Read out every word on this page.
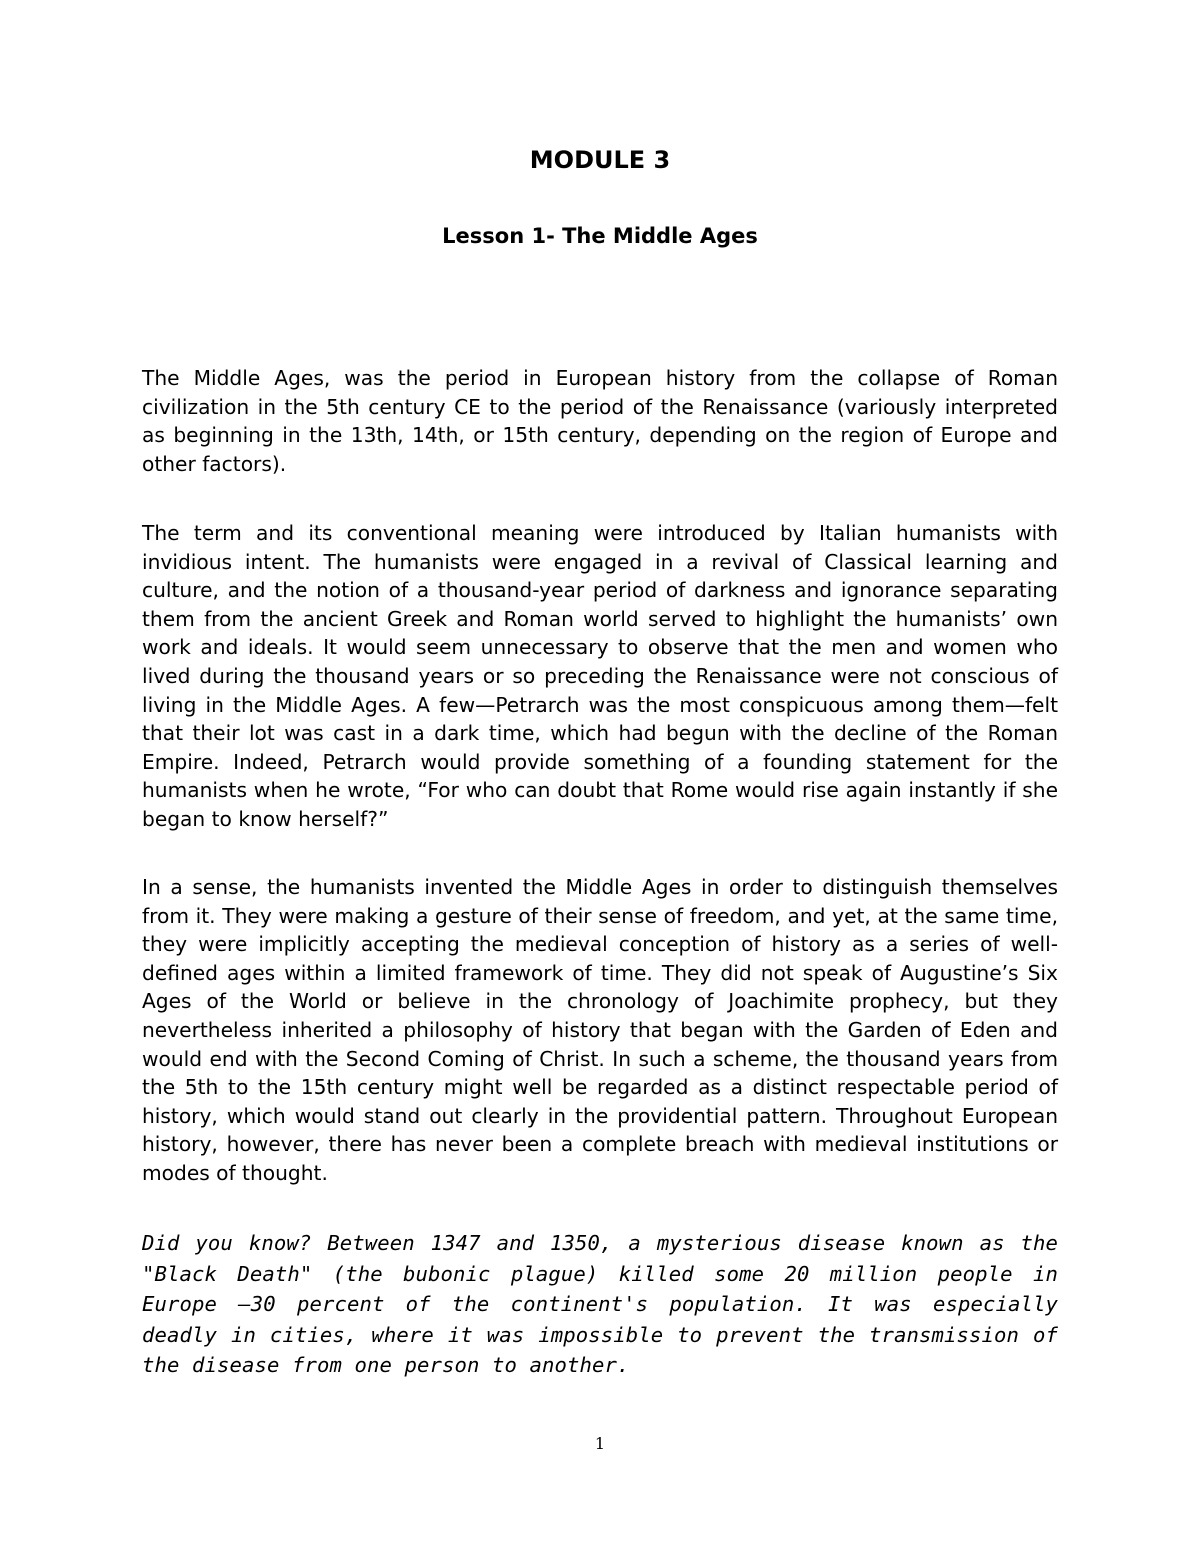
MODULE 3
Lesson 1- The Middle Ages

The Middle Ages, was the period in European history from the collapse of Roman civilization in the 5th century CE to the period of the Renaissance (variously interpreted as beginning in the 13th, 14th, or 15th century, depending on the region of Europe and other factors).

The term and its conventional meaning were introduced by Italian humanists with invidious intent. The humanists were engaged in a revival of Classical learning and culture, and the notion of a thousand-year period of darkness and ignorance separating them from the ancient Greek and Roman world served to highlight the humanists’ own work and ideals. It would seem unnecessary to observe that the men and women who lived during the thousand years or so preceding the Renaissance were not conscious of living in the Middle Ages. A few—Petrarch was the most conspicuous among them—felt that their lot was cast in a dark time, which had begun with the decline of the Roman Empire. Indeed, Petrarch would provide something of a founding statement for the humanists when he wrote, “For who can doubt that Rome would rise again instantly if she began to know herself?”

In a sense, the humanists invented the Middle Ages in order to distinguish themselves from it. They were making a gesture of their sense of freedom, and yet, at the same time, they were implicitly accepting the medieval conception of history as a series of well-defined ages within a limited framework of time. They did not speak of Augustine’s Six Ages of the World or believe in the chronology of Joachimite prophecy, but they nevertheless inherited a philosophy of history that began with the Garden of Eden and would end with the Second Coming of Christ. In such a scheme, the thousand years from the 5th to the 15th century might well be regarded as a distinct respectable period of history, which would stand out clearly in the providential pattern. Throughout European history, however, there has never been a complete breach with medieval institutions or modes of thought.

Did you know? Between 1347 and 1350, a mysterious disease known as the "Black Death" (the bubonic plague) killed some 20 million people in Europe —30 percent of the continent's population. It was especially deadly in cities, where it was impossible to prevent the transmission of the disease from one person to another.

1
